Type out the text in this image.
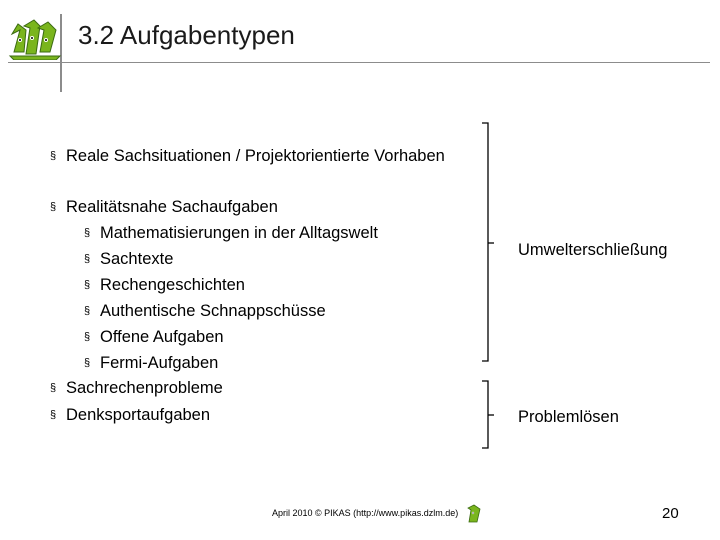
3.2 Aufgabentypen
§ Reale Sachsituationen / Projektorientierte Vorhaben
§ Realitätsnahe Sachaufgaben
§ Mathematisierungen in der Alltagswelt
§ Sachtexte
§ Rechengeschichten
§ Authentische Schnappschüsse
§ Offene Aufgaben
§ Fermi-Aufgaben
§ Sachrechenprobleme
§ Denksportaufgaben
Umwelterschließung
Problemlösen
April 2010 © PIKAS (http://www.pikas.dzlm.de)	20
